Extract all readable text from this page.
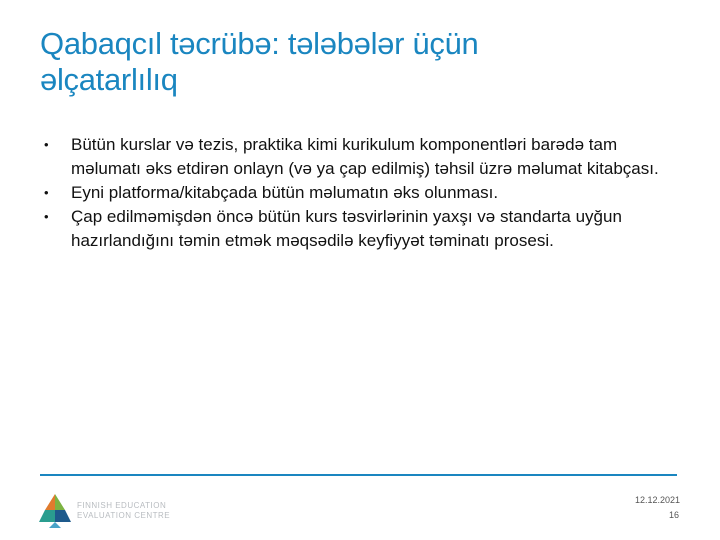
Qabaqcıl təcrübə: tələbələr üçün
əlçatarlılıq
•	Bütün kurslar və tezis, praktika kimi kurikulum komponentləri barədə tam məlumatı əks etdirən onlayn (və ya çap edilmiş) təhsil üzrə məlumat kitabçası.
•	Eyni platforma/kitabçada bütün məlumatın əks olunması.
•	Çap edilməmişdən öncə bütün kurs təsvirlərinin yaxşı və standarta uyğun hazırlandığını təmin etmək məqsədilə keyfiyyət təminatı prosesi.
FINNISH EDUCATION
EVALUATION CENTRE
12.12.2021
16
